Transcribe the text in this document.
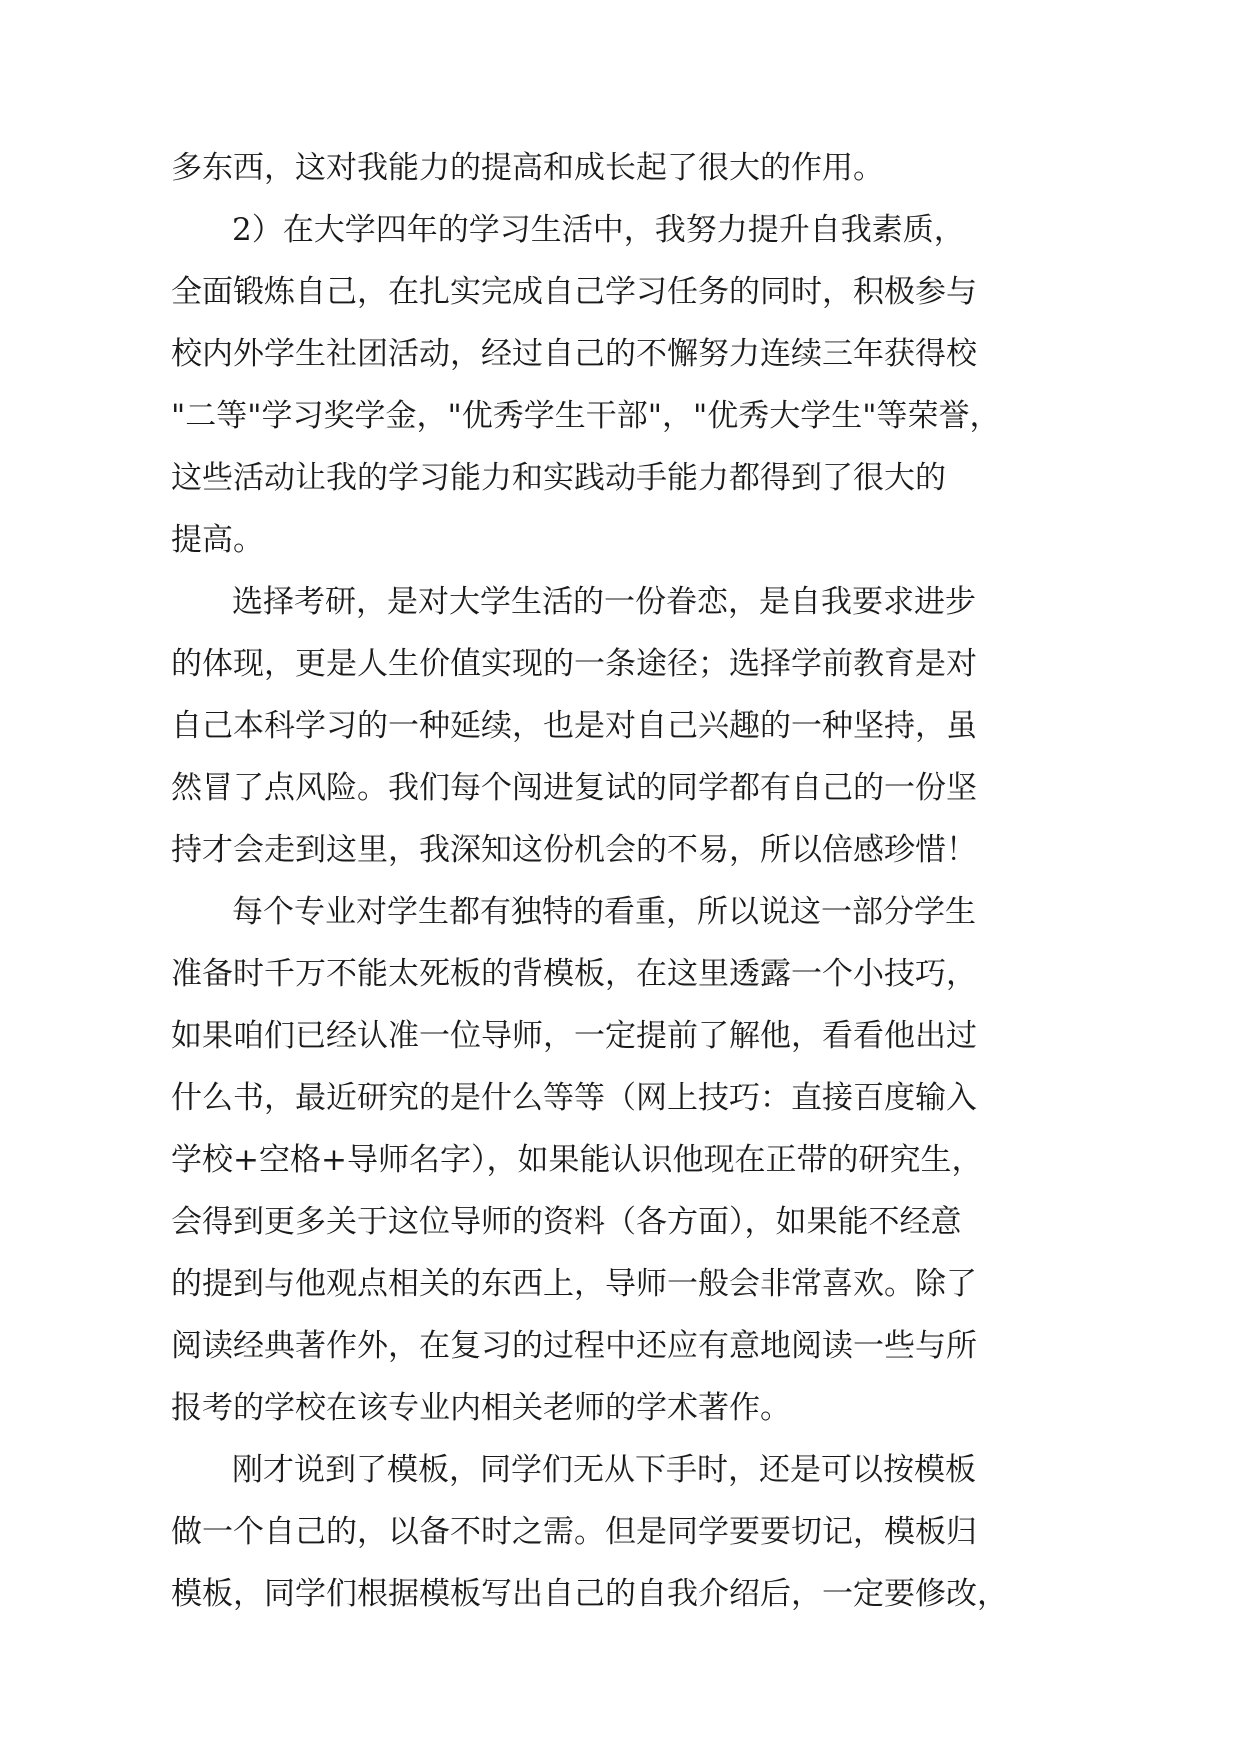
多东西，这对我能力的提高和成长起了很大的作用。
2）在大学四年的学习生活中，我努力提升自我素质，
全面锻炼自己，在扎实完成自己学习任务的同时，积极参与
校内外学生社团活动，经过自己的不懈努力连续三年获得校
"二等"学习奖学金，"优秀学生干部"，"优秀大学生"等荣誉，
这些活动让我的学习能力和实践动手能力都得到了很大的
提高。
选择考研，是对大学生活的一份眷恋，是自我要求进步
的体现，更是人生价值实现的一条途径；选择学前教育是对
自己本科学习的一种延续，也是对自己兴趣的一种坚持，虽
然冒了点风险。我们每个闯进复试的同学都有自己的一份坚
持才会走到这里，我深知这份机会的不易，所以倍感珍惜！
每个专业对学生都有独特的看重，所以说这一部分学生
准备时千万不能太死板的背模板，在这里透露一个小技巧，
如果咱们已经认准一位导师，一定提前了解他，看看他出过
什么书，最近研究的是什么等等（网上技巧：直接百度输入
学校+空格+导师名字），如果能认识他现在正带的研究生，
会得到更多关于这位导师的资料（各方面），如果能不经意
的提到与他观点相关的东西上，导师一般会非常喜欢。除了
阅读经典著作外，在复习的过程中还应有意地阅读一些与所
报考的学校在该专业内相关老师的学术著作。
刚才说到了模板，同学们无从下手时，还是可以按模板
做一个自己的，以备不时之需。但是同学要要切记，模板归
模板，同学们根据模板写出自己的自我介绍后，一定要修改，
